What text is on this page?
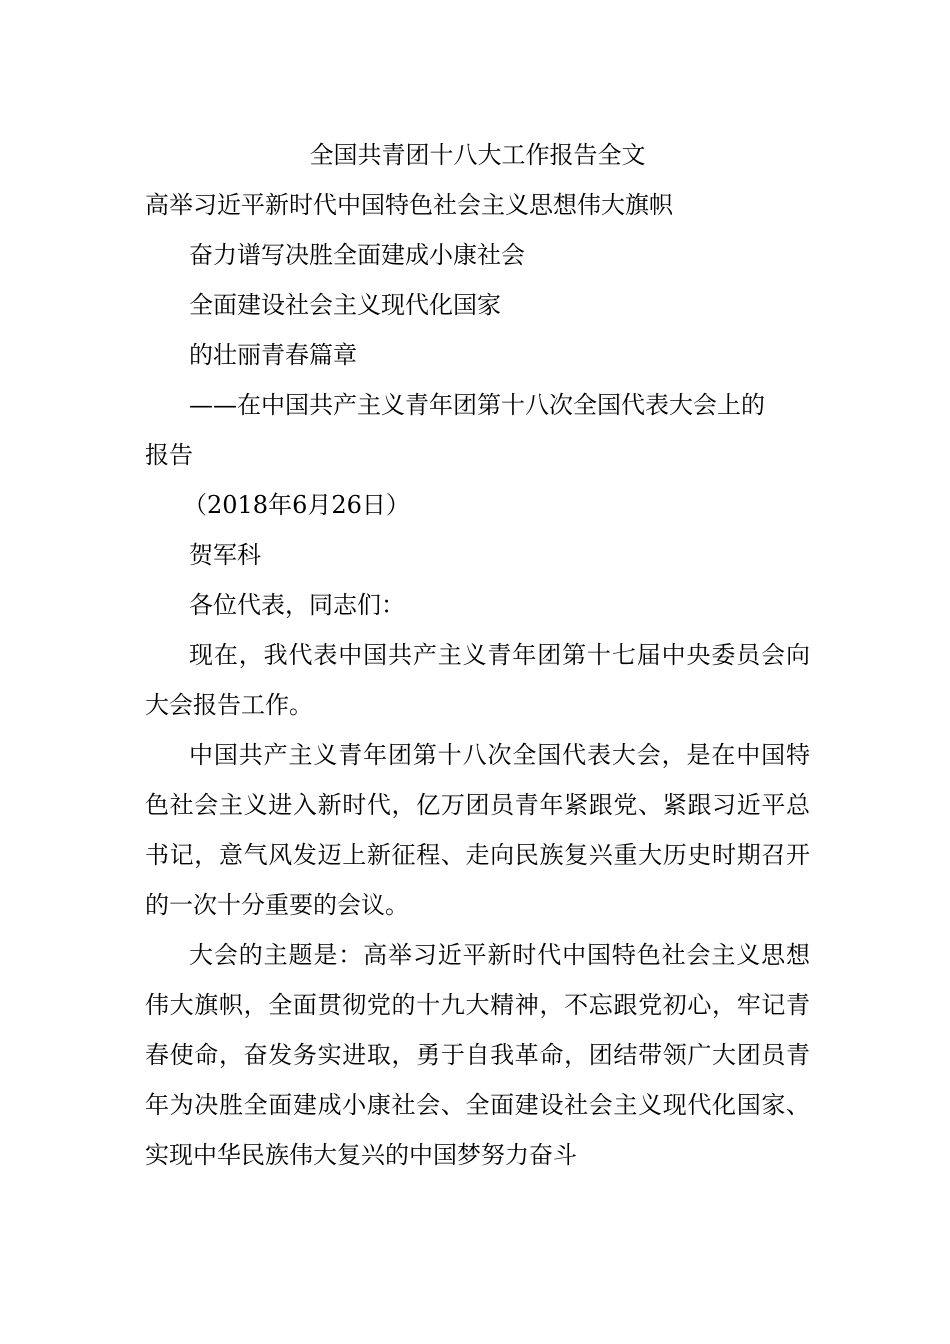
全国共青团十八大工作报告全文

高举习近平新时代中国特色社会主义思想伟大旗帜

奋力谱写决胜全面建成小康社会

全面建设社会主义现代化国家

的壮丽青春篇章

——在中国共产主义青年团第十八次全国代表大会上的

报告

（2018年6月26日）

贺军科

各位代表，同志们：

现在，我代表中国共产主义青年团第十七届中央委员会向大会报告工作。

中国共产主义青年团第十八次全国代表大会，是在中国特色社会主义进入新时代，亿万团员青年紧跟党、紧跟习近平总书记，意气风发迈上新征程、走向民族复兴重大历史时期召开的一次十分重要的会议。

大会的主题是：高举习近平新时代中国特色社会主义思想伟大旗帜，全面贯彻党的十九大精神，不忘跟党初心，牢记青春使命，奋发务实进取，勇于自我革命，团结带领广大团员青年为决胜全面建成小康社会、全面建设社会主义现代化国家、实现中华民族伟大复兴的中国梦努力奋斗
